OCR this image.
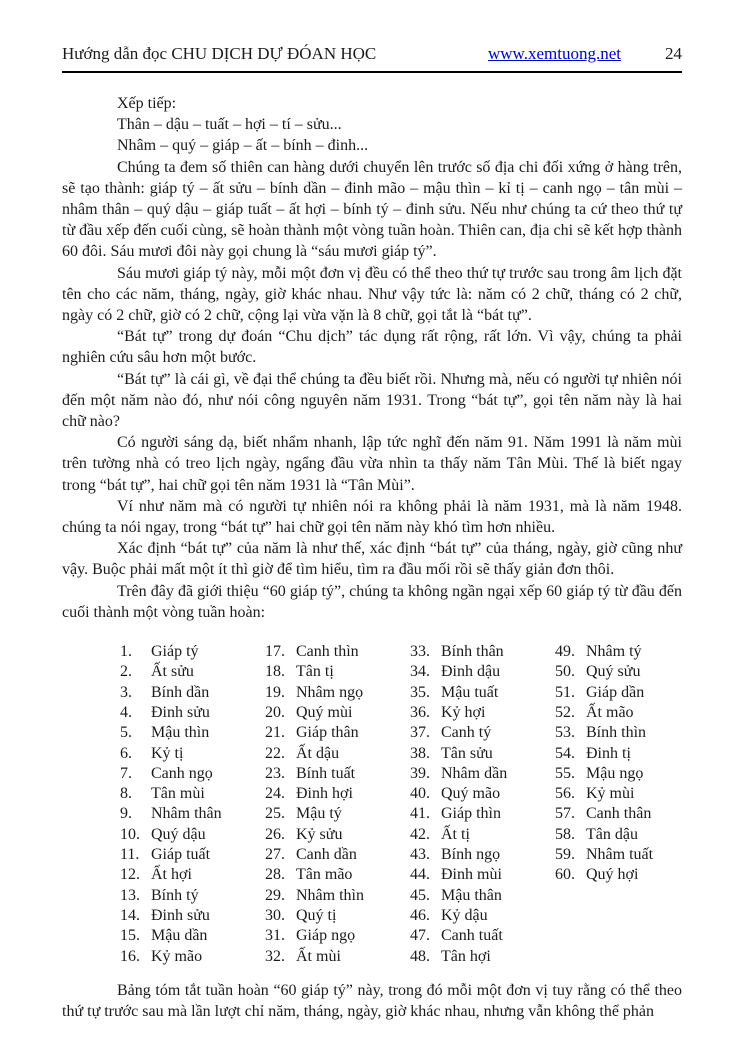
Hướng dẫn đọc CHU DỊCH DỰ ĐÓAN HỌC	www.xemtuong.net	24

Xếp tiếp:

Thân – dậu – tuất – hợi – tí – sửu...

Nhâm – quý – giáp – ất – bính – đinh...

Chúng ta đem số thiên can hàng dưới chuyển lên trước số địa chi đối xứng ở hàng trên, sẽ tạo thành: giáp tý – ất sửu – bính dần – đinh mão – mậu thìn – kỉ tị – canh ngọ – tân mùi – nhâm thân – quý dậu – giáp tuất – ất hợi – bính tý – đinh sửu. Nếu như chúng ta cứ theo thứ tự từ đầu xếp đến cuối cùng, sẽ hoàn thành một vòng tuần hoàn. Thiên can, địa chi sẽ kết hợp thành 60 đôi. Sáu mươi đôi này gọi chung là “sáu mươi giáp tý”.

Sáu mươi giáp tý này, mỗi một đơn vị đều có thể theo thứ tự trước sau trong âm lịch đặt tên cho các năm, tháng, ngày, giờ khác nhau. Như vậy tức là: năm có 2 chữ, tháng có 2 chữ, ngày có 2 chữ, giờ có 2 chữ, cộng lại vừa vặn là 8 chữ, gọi tắt là “bát tự”.

“Bát tự” trong dự đoán “Chu dịch” tác dụng rất rộng, rất lớn. Vì vậy, chúng ta phải nghiên cứu sâu hơn một bước.

“Bát tự” là cái gì, về đại thể chúng ta đều biết rồi. Nhưng mà, nếu có người tự nhiên nói đến một năm nào đó, như nói công nguyên năm 1931. Trong “bát tự”, gọi tên năm này là hai chữ nào?

Có người sáng dạ, biết nhẩm nhanh, lập tức nghĩ đến năm 91. Năm 1991 là năm mùi trên tường nhà có treo lịch ngày, ngẩng đầu vừa nhìn ta thấy năm Tân Mùi. Thế là biết ngay trong “bát tự”, hai chữ gọi tên năm 1931 là “Tân Mùi”.

Ví như năm mà có người tự nhiên nói ra không phải là năm 1931, mà là năm 1948. chúng ta nói ngay, trong “bát tự” hai chữ gọi tên năm này khó tìm hơn nhiều.

Xác định “bát tự” của năm là như thế, xác định “bát tự” của tháng, ngày, giờ cũng như vậy. Buộc phải mất một ít thì giờ để tìm hiểu, tìm ra đầu mối rồi sẽ thấy giản đơn thôi.

Trên đây đã giới thiệu “60 giáp tý”, chúng ta không ngần ngại xếp 60 giáp tý từ đầu đến cuối thành một vòng tuần hoàn:

1.	Giáp tý
2.	Ất sửu
3.	Bính dần
4.	Đinh sửu
5.	Mậu thìn
6.	Kỷ tị
7.	Canh ngọ
8.	Tân mùi
9.	Nhâm thân
10. Quý dậu
11. Giáp tuất
12. Ất hợi
13. Bính tý
14. Đinh sửu
15. Mậu dần
16. Kỷ mão
17. Canh thìn
18. Tân tị
19. Nhâm ngọ
20. Quý mùi
21. Giáp thân
22. Ất dậu
23. Bính tuất
24. Đinh hợi
25. Mậu tý
26. Kỷ sửu
27. Canh dần
28. Tân mão
29. Nhâm thìn
30. Quý tị
31. Giáp ngọ
32. Ất mùi
33. Bính thân
34. Đinh dậu
35. Mậu tuất
36. Kỷ hợi
37. Canh tý
38. Tân sửu
39. Nhâm dần
40. Quý mão
41. Giáp thìn
42. Ất tị
43. Bính ngọ
44. Đinh mùi
45. Mậu thân
46. Kỷ dậu
47. Canh tuất
48. Tân hợi
49. Nhâm tý
50. Quý sửu
51. Giáp dần
52. Ất mão
53. Bính thìn
54. Đinh tị
55. Mậu ngọ
56. Kỷ mùi
57. Canh thân
58. Tân dậu
59. Nhâm tuất
60. Quý hợi

Bảng tóm tắt tuần hoàn “60 giáp tý” này, trong đó mỗi một đơn vị tuy rằng có thể theo thứ tự trước sau mà lần lượt chỉ năm, tháng, ngày, giờ khác nhau, nhưng vẫn không thể phản
